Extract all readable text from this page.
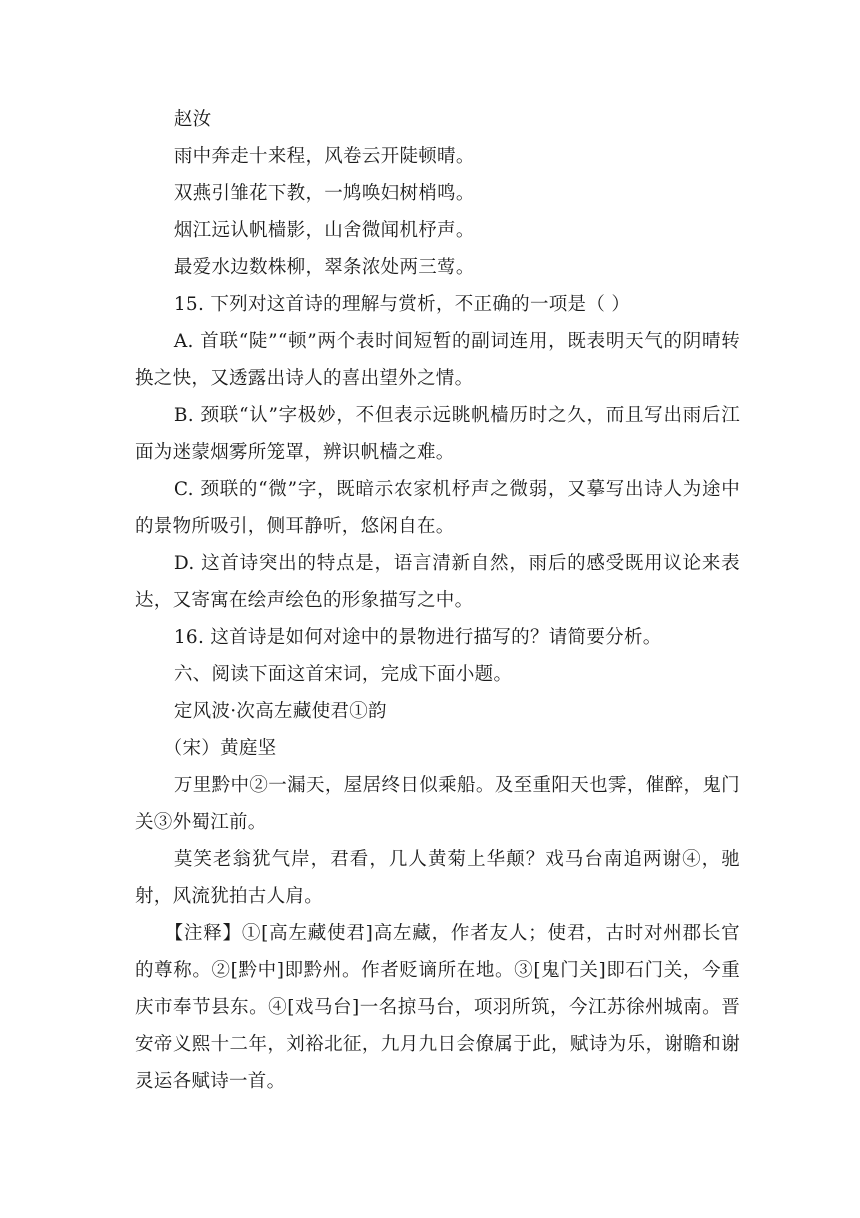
赵汝

雨中奔走十来程，风卷云开陡顿晴。

双燕引雏花下教，一鸠唤妇树梢鸣。

烟江远认帆樯影，山舍微闻机杼声。

最爱水边数株柳，翠条浓处两三莺。

15. 下列对这首诗的理解与赏析，不正确的一项是（ ）

A. 首联“陡”“顿”两个表时间短暂的副词连用，既表明天气的阴晴转换之快，又透露出诗人的喜出望外之情。

B. 颈联“认”字极妙，不但表示远眺帆樯历时之久，而且写出雨后江面为迷蒙烟雾所笼罩，辨识帆樯之难。

C. 颈联的“微”字，既暗示农家机杼声之微弱，又摹写出诗人为途中的景物所吸引，侧耳静听，悠闲自在。

D. 这首诗突出的特点是，语言清新自然，雨后的感受既用议论来表达，又寄寓在绘声绘色的形象描写之中。

16. 这首诗是如何对途中的景物进行描写的？请简要分析。

六、阅读下面这首宋词，完成下面小题。

定风波·次高左藏使君①韵

（宋）黄庭坚

万里黔中②一漏天，屋居终日似乘船。及至重阳天也霁，催醉，鬼门关③外蜀江前。

莫笑老翁犹气岸，君看，几人黄菊上华颠？戏马台南追两谢④，驰射，风流犹拍古人肩。

【注释】①[高左藏使君]高左藏，作者友人；使君，古时对州郡长官的尊称。②[黔中]即黔州。作者贬谪所在地。③[鬼门关]即石门关，今重庆市奉节县东。④[戏马台]一名掠马台，项羽所筑，今江苏徐州城南。晋安帝义熙十二年，刘裕北征，九月九日会僚属于此，赋诗为乐，谢瞻和谢灵运各赋诗一首。
